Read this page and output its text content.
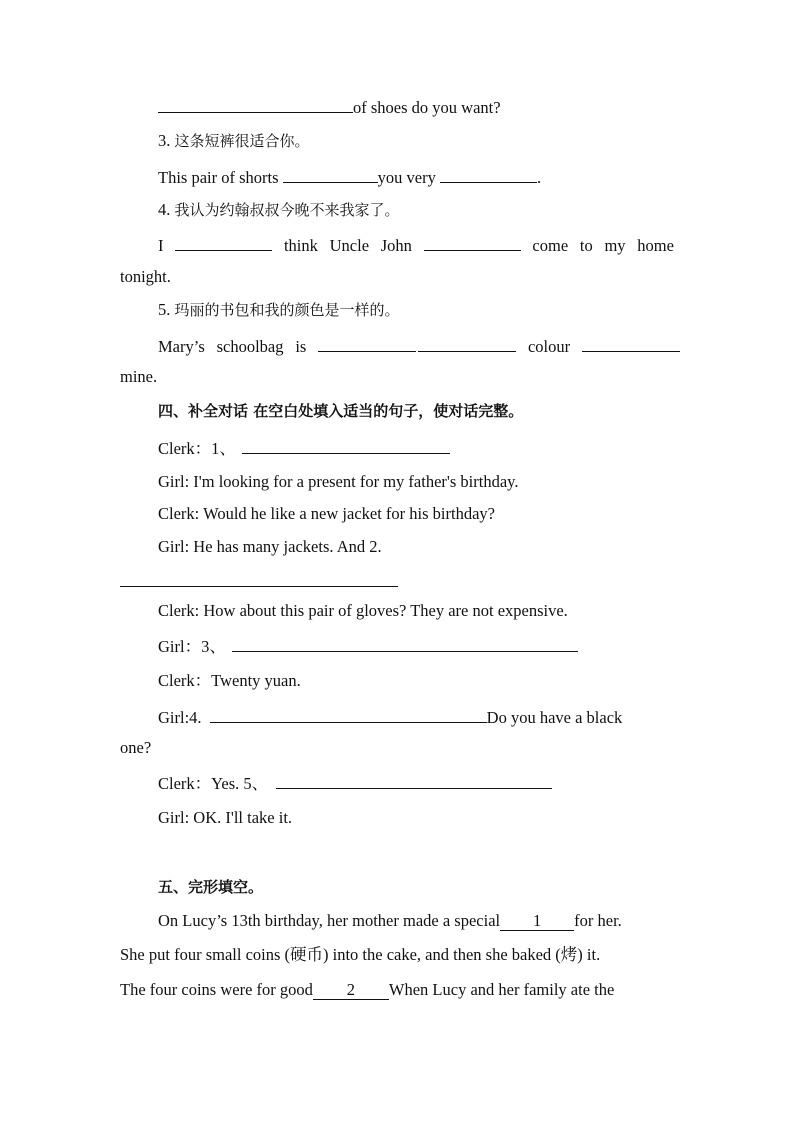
of shoes do you want?
3. 这条短裤很适合你。
This pair of shorts	you very	.
4. 我认为约翰叔叔今晚不来我家了。
I	think Uncle John	come to my home
tonight.
5. 玛丽的书包和我的颜色是一样的。
Mary’s schoolbag is	colour
mine.
四、补全对话 在空白处填入适当的句子，使对话完整。
Clerk：1、
Girl: I'm looking for a present for my father's birthday.
Clerk: Would he like a new jacket for his birthday?
Girl: He has many jackets. And 2.
Clerk: How about this pair of gloves? They are not expensive.
Girl：3、
Clerk：Twenty yuan.
Girl:4.	Do you have a black
one?
Clerk：Yes. 5、
Girl: OK. I'll take it.
五、完形填空。
On Lucy’s 13th birthday, her mother made a special 1 for her.
She put four small coins (硬币) into the cake, and then she baked (烤) it.
The four coins were for good 2 When Lucy and her family ate the
